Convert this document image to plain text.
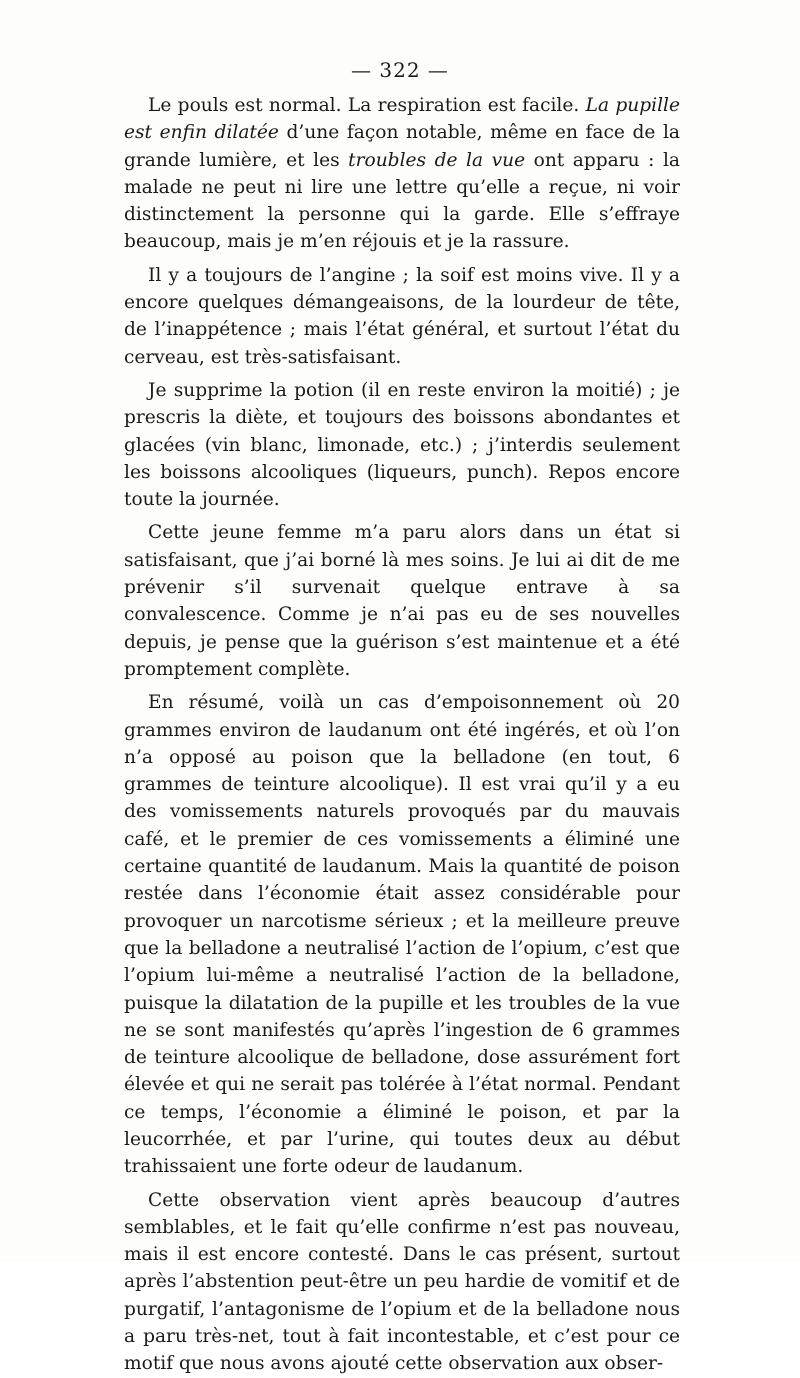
— 322 —

Le pouls est normal. La respiration est facile. La pupille est enfin dilatée d’une façon notable, même en face de la grande lumière, et les troubles de la vue ont apparu : la malade ne peut ni lire une lettre qu’elle a reçue, ni voir distinctement la personne qui la garde. Elle s’effraye beaucoup, mais je m’en réjouis et je la rassure.

Il y a toujours de l’angine ; la soif est moins vive. Il y a encore quelques démangeaisons, de la lourdeur de tête, de l’inappétence ; mais l’état général, et surtout l’état du cerveau, est très-satisfaisant.

Je supprime la potion (il en reste environ la moitié) ; je prescris la diète, et toujours des boissons abondantes et glacées (vin blanc, limonade, etc.) ; j’interdis seulement les boissons alcooliques (liqueurs, punch). Repos encore toute la journée.

Cette jeune femme m’a paru alors dans un état si satisfaisant, que j’ai borné là mes soins. Je lui ai dit de me prévenir s’il survenait quelque entrave à sa convalescence. Comme je n’ai pas eu de ses nouvelles depuis, je pense que la guérison s’est maintenue et a été promptement complète.

En résumé, voilà un cas d’empoisonnement où 20 grammes environ de laudanum ont été ingérés, et où l’on n’a opposé au poison que la belladone (en tout, 6 grammes de teinture alcoolique). Il est vrai qu’il y a eu des vomissements naturels provoqués par du mauvais café, et le premier de ces vomissements a éliminé une certaine quantité de laudanum. Mais la quantité de poison restée dans l’économie était assez considérable pour provoquer un narcotisme sérieux ; et la meilleure preuve que la belladone a neutralisé l’action de l’opium, c’est que l’opium lui-même a neutralisé l’action de la belladone, puisque la dilatation de la pupille et les troubles de la vue ne se sont manifestés qu’après l’ingestion de 6 grammes de teinture alcoolique de belladone, dose assurément fort élevée et qui ne serait pas tolérée à l’état normal. Pendant ce temps, l’économie a éliminé le poison, et par la leucorrhée, et par l’urine, qui toutes deux au début trahissaient une forte odeur de laudanum.

Cette observation vient après beaucoup d’autres semblables, et le fait qu’elle confirme n’est pas nouveau, mais il est encore contesté. Dans le cas présent, surtout après l’abstention peut-être un peu hardie de vomitif et de purgatif, l’antagonisme de l’opium et de la belladone nous a paru très-net, tout à fait incontestable, et c’est pour ce motif que nous avons ajouté cette observation aux obser-
